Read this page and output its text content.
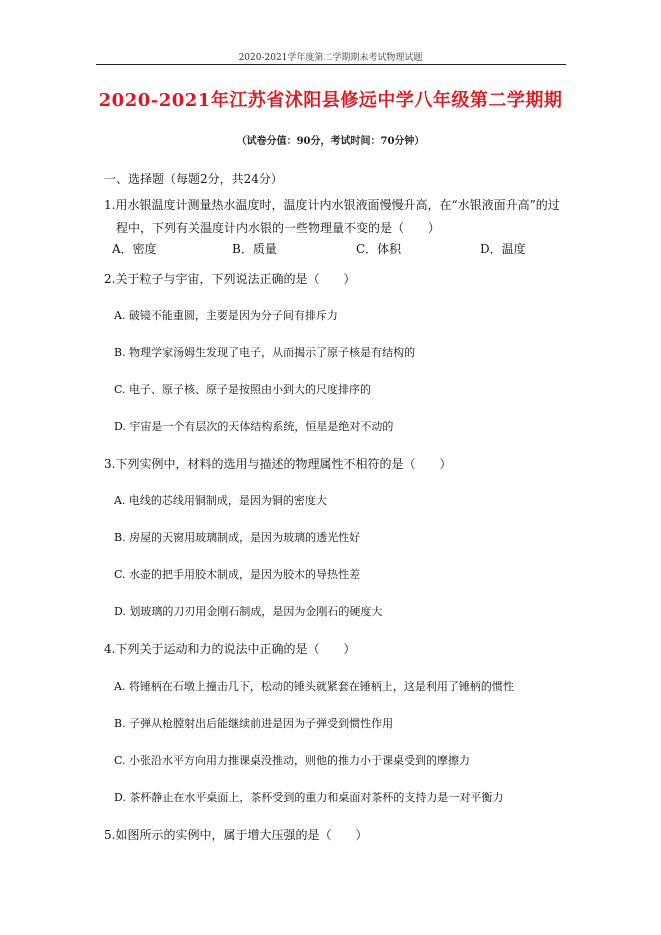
2020-2021学年度第二学期期末考试物理试题
2020-2021年江苏省沭阳县修远中学八年级第二学期期
（试卷分值：90分，考试时间：70分钟）
一、选择题（每题2分，共24分）
1.用水银温度计测量热水温度时，温度计内水银液面慢慢升高，在“水银液面升高”的过
程中，下列有关温度计内水银的一些物理量不变的是（　　）
A．密度	B．质量	C．体积	D．温度
2.关于粒子与宇宙，下列说法正确的是（　　）
A. 破镜不能重圆，主要是因为分子间有排斥力
B. 物理学家汤姆生发现了电子，从而揭示了原子核是有结构的
C. 电子、原子核、原子是按照由小到大的尺度排序的
D. 宇宙是一个有层次的天体结构系统，恒星是绝对不动的
3.下列实例中，材料的选用与描述的物理属性不相符的是（　　）
A. 电线的芯线用铜制成，是因为铜的密度大
B. 房屋的天窗用玻璃制成，是因为玻璃的透光性好
C. 水壶的把手用胶木制成，是因为胶木的导热性差
D. 划玻璃的刀刃用金刚石制成，是因为金刚石的硬度大
4.下列关于运动和力的说法中正确的是（　　）
A. 将锤柄在石墩上撞击几下，松动的锤头就紧套在锤柄上，这是利用了锤柄的惯性
B. 子弹从枪膛射出后能继续前进是因为子弹受到惯性作用
C. 小张沿水平方向用力推课桌没推动，则他的推力小于课桌受到的摩擦力
D. 茶杯静止在水平桌面上，茶杯受到的重力和桌面对茶杯的支持力是一对平衡力
5.如图所示的实例中，属于增大压强的是（　　）
